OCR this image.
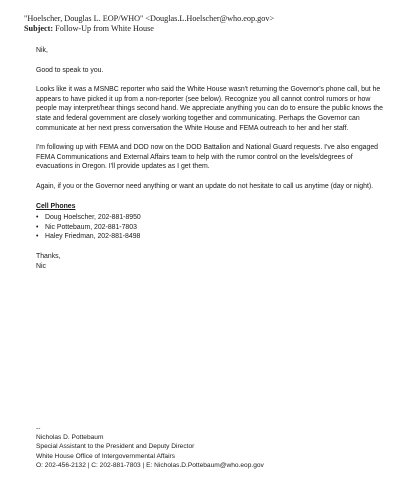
"Hoelscher, Douglas L. EOP/WHO" <Douglas.L.Hoelscher@who.eop.gov>
Subject: Follow-Up from White House

Nik,

Good to speak to you.

Looks like it was a MSNBC reporter who said the White House wasn't returning the Governor's phone call, but he appears to have picked it up from a non-reporter (see below). Recognize you all cannot control rumors or how people may interpret/hear things second hand. We appreciate anything you can do to ensure the public knows the state and federal government are closely working together and communicating. Perhaps the Governor can communicate at her next press conversation the White House and FEMA outreach to her and her staff.

I'm following up with FEMA and DOD now on the DOD Battalion and National Guard requests. I've also engaged FEMA Communications and External Affairs team to help with the rumor control on the levels/degrees of evacuations in Oregon. I'll provide updates as I get them.

Again, if you or the Governor need anything or want an update do not hesitate to call us anytime (day or night).

Cell Phones

• Doug Hoelscher, 202-881-8950
• Nic Pottebaum, 202-881-7803
• Haley Friedman, 202-881-8498

Thanks,

Nic

--
Nicholas D. Pottebaum
Special Assistant to the President and Deputy Director
White House Office of Intergovernmental Affairs
O: 202-456-2132 | C: 202-881-7803 | E: Nicholas.D.Pottebaum@who.eop.gov
